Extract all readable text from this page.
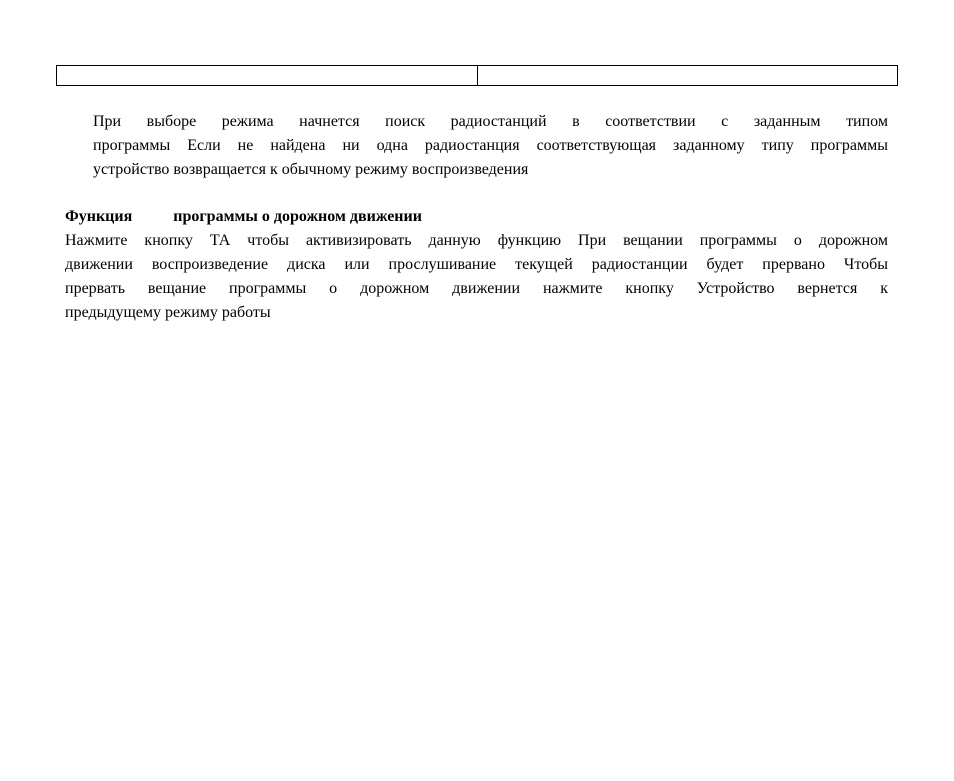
При выборе режима начнется поиск радиостанций в соответствии с заданным типом

программы Если не найдена ни одна радиостанция соответствующая заданному типу программы

устройство возвращается к обычному режиму воспроизведения

Функция	программы о дорожном движении

Нажмите кнопку ТА чтобы активизировать данную функцию При вещании программы о дорожном

движении воспроизведение диска или прослушивание текущей радиостанции будет прервано Чтобы

прервать вещание программы о дорожном движении нажмите кнопку Устройство вернется к

предыдущему режиму работы
